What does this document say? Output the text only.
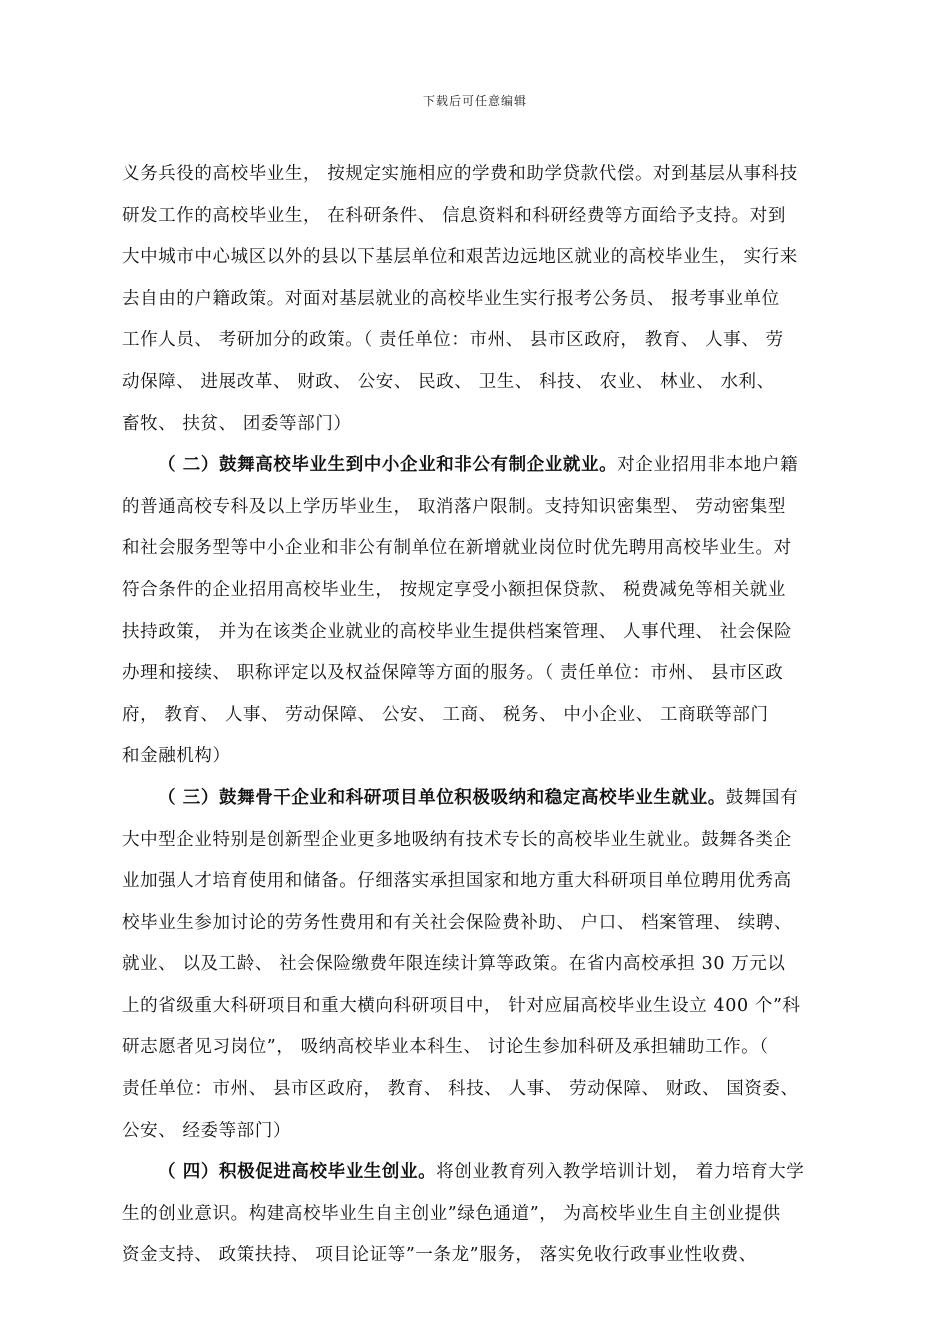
下载后可任意编辑
义务兵役的高校毕业生， 按规定实施相应的学费和助学贷款代偿。对到基层从事科技
研发工作的高校毕业生， 在科研条件、 信息资料和科研经费等方面给予支持。对到
大中城市中心城区以外的县以下基层单位和艰苦边远地区就业的高校毕业生， 实行来
去自由的户籍政策。对面对基层就业的高校毕业生实行报考公务员、 报考事业单位
工作人员、 考研加分的政策。（ 责任单位：市州、 县市区政府， 教育、 人事、 劳
动保障、 进展改革、 财政、 公安、 民政、 卫生、 科技、 农业、 林业、 水利、
畜牧、 扶贫、 团委等部门）
（ 二）鼓舞高校毕业生到中小企业和非公有制企业就业。对企业招用非本地户籍
的普通高校专科及以上学历毕业生， 取消落户限制。支持知识密集型、 劳动密集型
和社会服务型等中小企业和非公有制单位在新增就业岗位时优先聘用高校毕业生。对
符合条件的企业招用高校毕业生， 按规定享受小额担保贷款、 税费减免等相关就业
扶持政策， 并为在该类企业就业的高校毕业生提供档案管理、 人事代理、 社会保险
办理和接续、 职称评定以及权益保障等方面的服务。（ 责任单位：市州、 县市区政
府， 教育、 人事、 劳动保障、 公安、 工商、 税务、 中小企业、 工商联等部门
和金融机构）
（ 三）鼓舞骨干企业和科研项目单位积极吸纳和稳定高校毕业生就业。鼓舞国有
大中型企业特别是创新型企业更多地吸纳有技术专长的高校毕业生就业。鼓舞各类企
业加强人才培育使用和储备。仔细落实承担国家和地方重大科研项目单位聘用优秀高
校毕业生参加讨论的劳务性费用和有关社会保险费补助、 户口、 档案管理、 续聘、
就业、 以及工龄、 社会保险缴费年限连续计算等政策。在省内高校承担 30 万元以
上的省级重大科研项目和重大横向科研项目中， 针对应届高校毕业生设立 400 个”科
研志愿者见习岗位”， 吸纳高校毕业本科生、 讨论生参加科研及承担辅助工作。（
责任单位：市州、 县市区政府， 教育、 科技、 人事、 劳动保障、 财政、 国资委、
公安、 经委等部门）
（ 四）积极促进高校毕业生创业。将创业教育列入教学培训计划， 着力培育大学
生的创业意识。构建高校毕业生自主创业”绿色通道”， 为高校毕业生自主创业提供
资金支持、 政策扶持、 项目论证等”一条龙”服务， 落实免收行政事业性收费、
